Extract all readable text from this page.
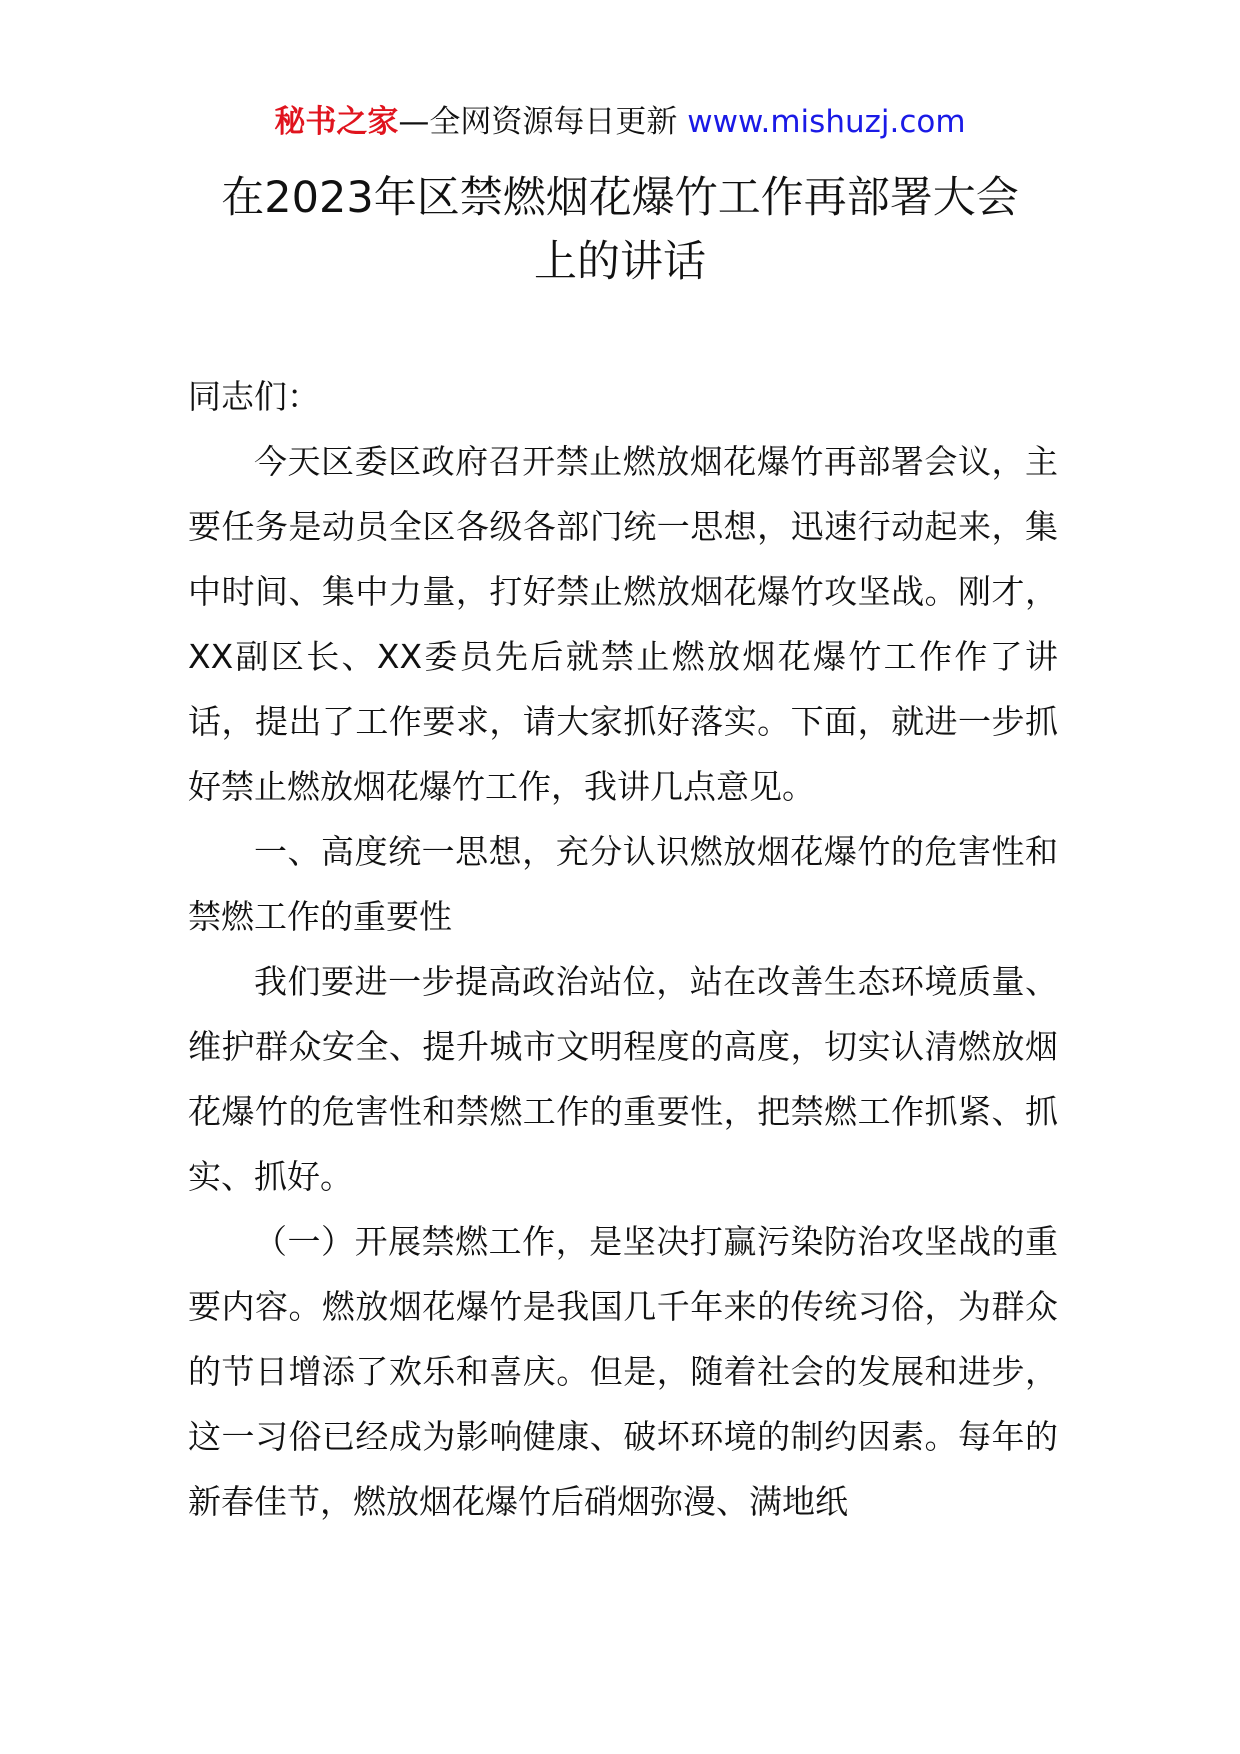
秘书之家—全网资源每日更新 www.mishuzj.com
在2023年区禁燃烟花爆竹工作再部署大会
上的讲话

同志们：

今天区委区政府召开禁止燃放烟花爆竹再部署会议，主要任务是动员全区各级各部门统一思想，迅速行动起来，集中时间、集中力量，打好禁止燃放烟花爆竹攻坚战。刚才，XX副区长、XX委员先后就禁止燃放烟花爆竹工作作了讲话，提出了工作要求，请大家抓好落实。下面，就进一步抓好禁止燃放烟花爆竹工作，我讲几点意见。

一、高度统一思想，充分认识燃放烟花爆竹的危害性和禁燃工作的重要性

我们要进一步提高政治站位，站在改善生态环境质量、维护群众安全、提升城市文明程度的高度，切实认清燃放烟花爆竹的危害性和禁燃工作的重要性，把禁燃工作抓紧、抓实、抓好。

（一）开展禁燃工作，是坚决打赢污染防治攻坚战的重要内容。燃放烟花爆竹是我国几千年来的传统习俗，为群众的节日增添了欢乐和喜庆。但是，随着社会的发展和进步，这一习俗已经成为影响健康、破坏环境的制约因素。每年的新春佳节，燃放烟花爆竹后硝烟弥漫、满地纸
